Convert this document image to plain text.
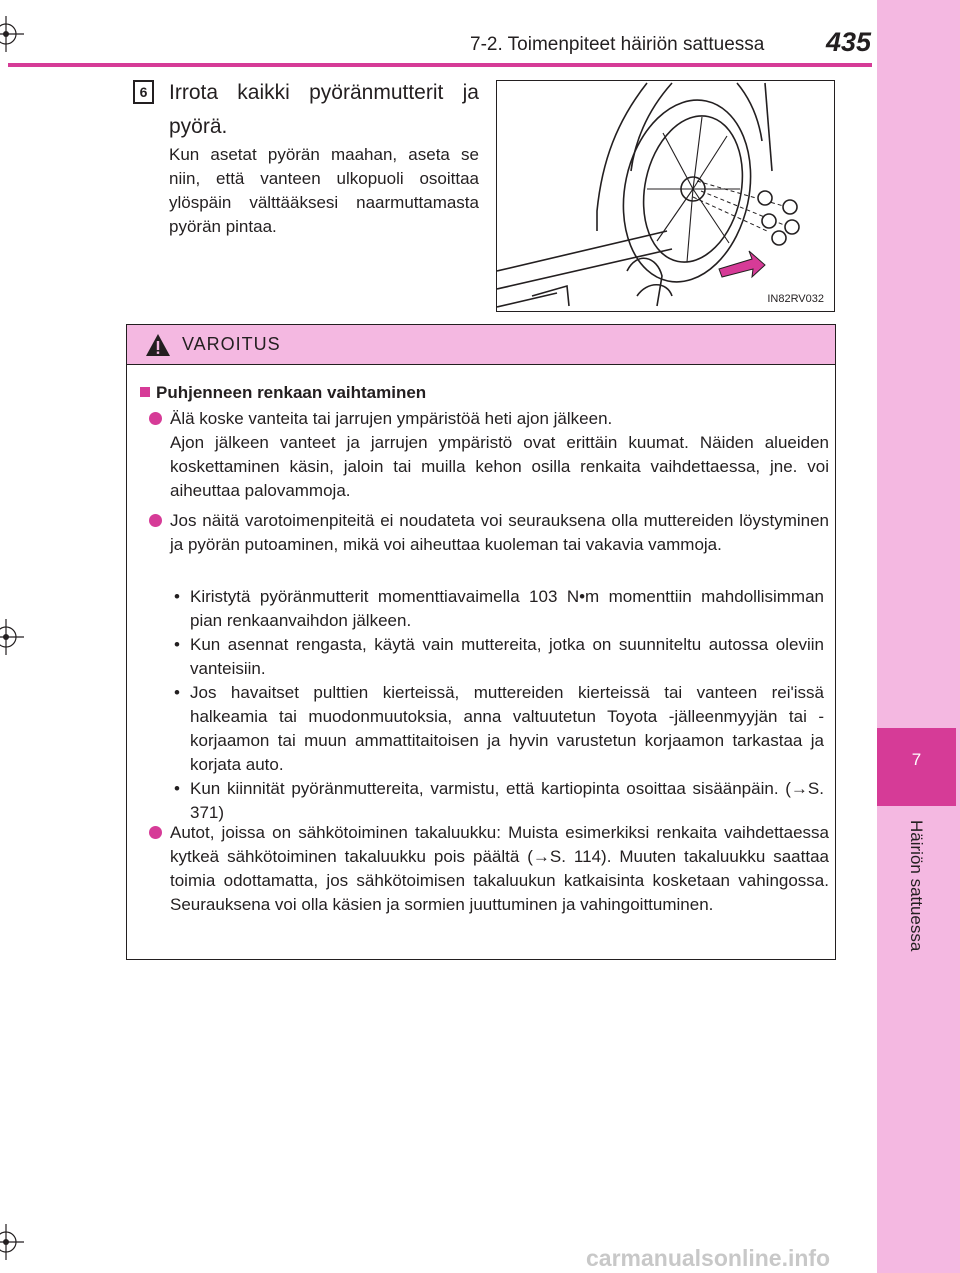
7
Häiriön sattuessa
7-2. Toimenpiteet häiriön sattuessa 435
6	Irrota kaikki pyöränmutterit ja pyörä.
Kun asetat pyörän maahan, aseta se niin, että vanteen ulkopuoli osoittaa ylöspäin välttääksesi naarmuttamasta pyörän pintaa.
IN82RV032
VAROITUS
Puhjenneen renkaan vaihtaminen
Älä koske vanteita tai jarrujen ympäristöä heti ajon jälkeen.
Ajon jälkeen vanteet ja jarrujen ympäristö ovat erittäin kuumat. Näiden alueiden koskettaminen käsin, jaloin tai muilla kehon osilla renkaita vaihdettaessa, jne. voi aiheuttaa palovammoja.
Jos näitä varotoimenpiteitä ei noudateta voi seurauksena olla muttereiden löystyminen ja pyörän putoaminen, mikä voi aiheuttaa kuoleman tai vakavia vammoja.
• Kiristytä pyöränmutterit momenttiavaimella 103 N•m momenttiin mahdollisimman pian renkaanvaihdon jälkeen.
• Kun asennat rengasta, käytä vain muttereita, jotka on suunniteltu autossa oleviin vanteisiin.
• Jos havaitset pulttien kierteissä, muttereiden kierteissä tai vanteen rei'issä halkeamia tai muodonmuutoksia, anna valtuutetun Toyota -jälleenmyyjän tai -korjaamon tai muun ammattitaitoisen ja hyvin varustetun korjaamon tarkastaa ja korjata auto.
• Kun kiinnität pyöränmuttereita, varmistu, että kartiopinta osoittaa sisäänpäin. (→S. 371)
Autot, joissa on sähkötoiminen takaluukku: Muista esimerkiksi renkaita vaihdettaessa kytkeä sähkötoiminen takaluukku pois päältä (→S. 114). Muuten takaluukku saattaa toimia odottamatta, jos sähkötoimisen takaluukun katkaisinta kosketaan vahingossa. Seurauksena voi olla käsien ja sormien juuttuminen ja vahingoittuminen.
carmanualsonline.info
